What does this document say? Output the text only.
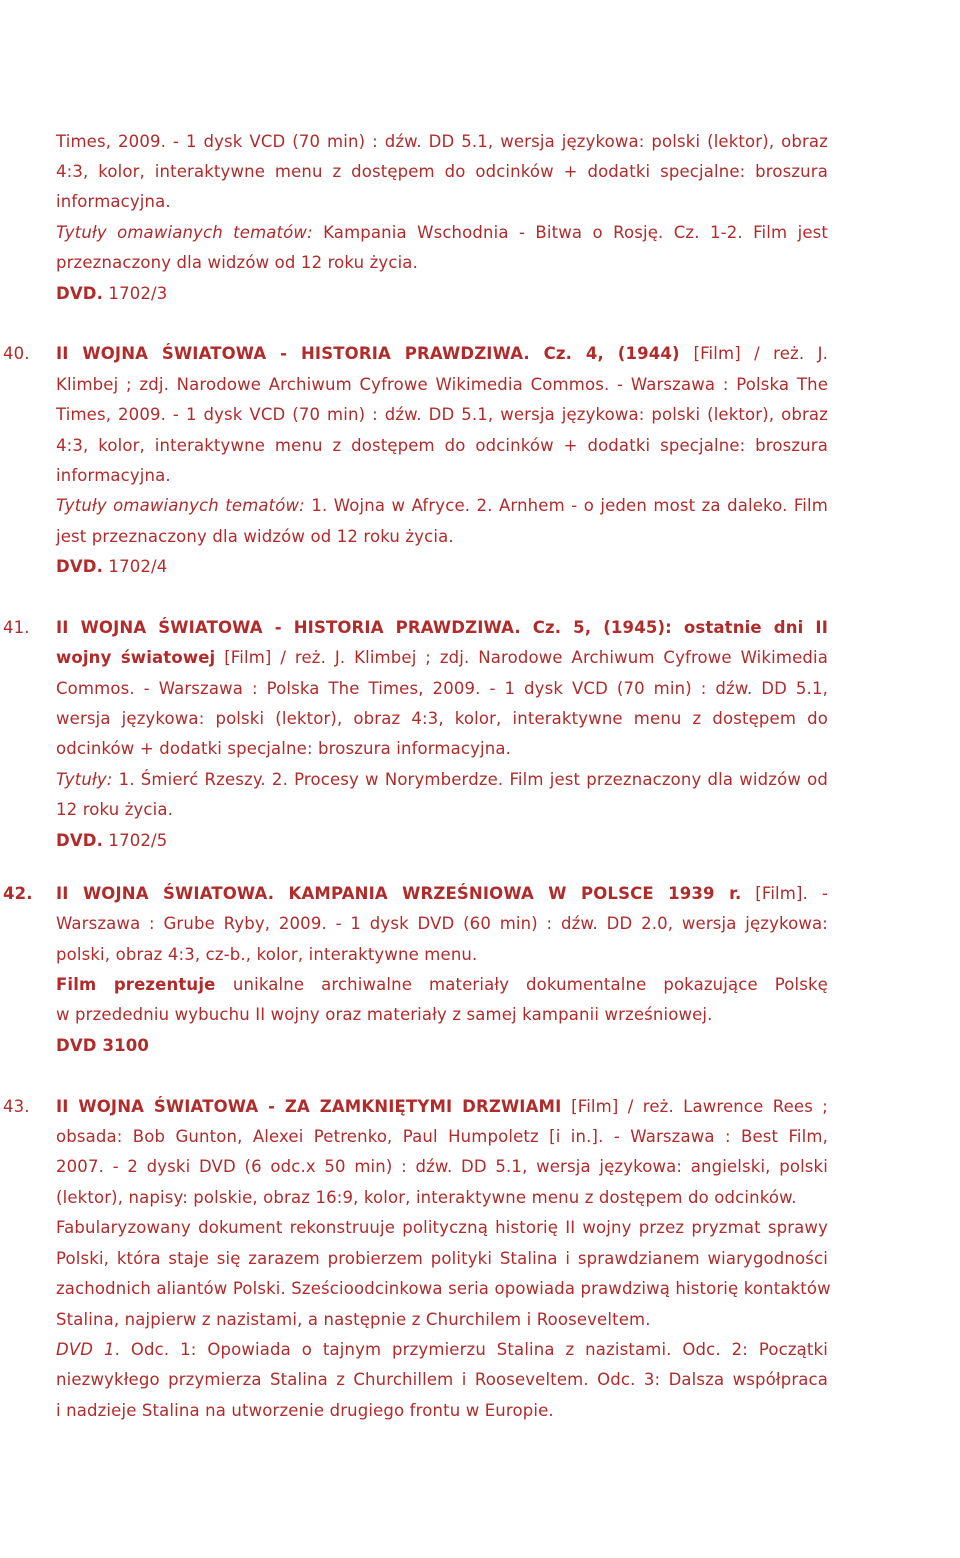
Times, 2009. - 1 dysk VCD (70 min) : dźw. DD 5.1, wersja językowa: polski (lektor), obraz
4:3, kolor, interaktywne menu z dostępem do odcinków + dodatki specjalne: broszura
informacyjna.
Tytuły omawianych tematów: Kampania Wschodnia - Bitwa o Rosję. Cz. 1-2. Film jest
przeznaczony dla widzów od 12 roku życia.
DVD. 1702/3
40. II WOJNA ŚWIATOWA - HISTORIA PRAWDZIWA. Cz. 4, (1944) [Film] / reż. J.
Klimbej ; zdj. Narodowe Archiwum Cyfrowe Wikimedia Commos. - Warszawa : Polska The
Times, 2009. - 1 dysk VCD (70 min) : dźw. DD 5.1, wersja językowa: polski (lektor), obraz
4:3, kolor, interaktywne menu z dostępem do odcinków + dodatki specjalne: broszura
informacyjna.
Tytuły omawianych tematów: 1. Wojna w Afryce. 2. Arnhem - o jeden most za daleko. Film
jest przeznaczony dla widzów od 12 roku życia.
DVD. 1702/4
41. II WOJNA ŚWIATOWA - HISTORIA PRAWDZIWA. Cz. 5, (1945): ostatnie dni II
wojny światowej [Film] / reż. J. Klimbej ; zdj. Narodowe Archiwum Cyfrowe Wikimedia
Commos. - Warszawa : Polska The Times, 2009. - 1 dysk VCD (70 min) : dźw. DD 5.1,
wersja językowa: polski (lektor), obraz 4:3, kolor, interaktywne menu z dostępem do
odcinków + dodatki specjalne: broszura informacyjna.
Tytuły: 1. Śmierć Rzeszy. 2. Procesy w Norymberdze. Film jest przeznaczony dla widzów od
12 roku życia.
DVD. 1702/5
42. II WOJNA ŚWIATOWA. KAMPANIA WRZEŚNIOWA W POLSCE 1939 r. [Film]. -
Warszawa : Grube Ryby, 2009. - 1 dysk DVD (60 min) : dźw. DD 2.0, wersja językowa:
polski, obraz 4:3, cz-b., kolor, interaktywne menu.
Film prezentuje unikalne archiwalne materiały dokumentalne pokazujące Polskę
w przededniu wybuchu II wojny oraz materiały z samej kampanii wrześniowej.
DVD 3100
43. II WOJNA ŚWIATOWA - ZA ZAMKNIĘTYMI DRZWIAMI [Film] / reż. Lawrence Rees ;
obsada: Bob Gunton, Alexei Petrenko, Paul Humpoletz [i in.]. - Warszawa : Best Film,
2007. - 2 dyski DVD (6 odc.x 50 min) : dźw. DD 5.1, wersja językowa: angielski, polski
(lektor), napisy: polskie, obraz 16:9, kolor, interaktywne menu z dostępem do odcinków.
Fabularyzowany dokument rekonstruuje polityczną historię II wojny przez pryzmat sprawy
Polski, która staje się zarazem probierzem polityki Stalina i sprawdzianem wiarygodności
zachodnich aliantów Polski. Sześcioodcinkowa seria opowiada prawdziwą historię kontaktów
Stalina, najpierw z nazistami, a następnie z Churchilem i Rooseveltem.
DVD 1. Odc. 1: Opowiada o tajnym przymierzu Stalina z nazistami. Odc. 2: Początki
niezwykłego przymierza Stalina z Churchillem i Rooseveltem. Odc. 3: Dalsza współpraca
i nadzieje Stalina na utworzenie drugiego frontu w Europie.
